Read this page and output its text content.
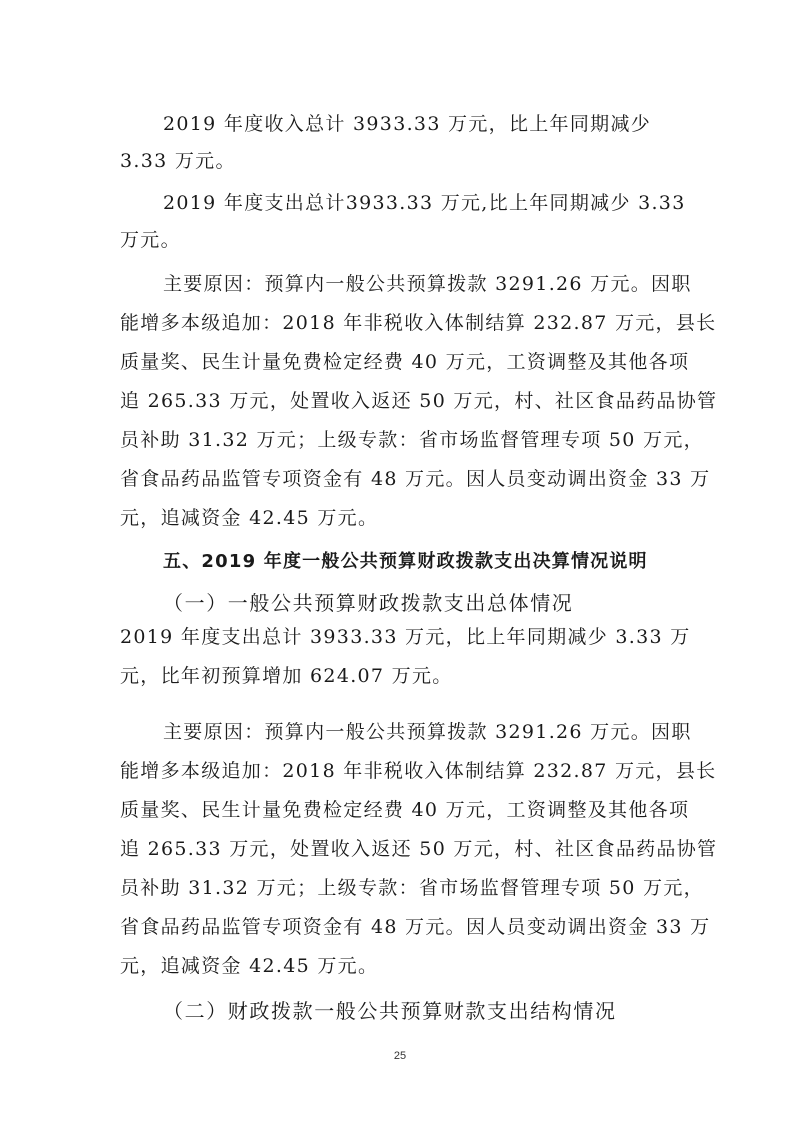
2019 年度收入总计 3933.33 万元，比上年同期减少
3.33 万元。
2019 年度支出总计3933.33 万元,比上年同期减少 3.33
万元。
主要原因：预算内一般公共预算拨款 3291.26 万元。因职
能增多本级追加：2018 年非税收入体制结算 232.87 万元，县长
质量奖、民生计量免费检定经费 40 万元，工资调整及其他各项
追 265.33 万元，处置收入返还 50 万元，村、社区食品药品协管
员补助 31.32 万元；上级专款：省市场监督管理专项 50 万元，
省食品药品监管专项资金有 48 万元。因人员变动调出资金 33 万
元，追减资金 42.45 万元。
五、2019 年度一般公共预算财政拨款支出决算情况说明
（一）一般公共预算财政拨款支出总体情况
2019 年度支出总计 3933.33 万元，比上年同期减少 3.33 万
元，比年初预算增加 624.07 万元。
主要原因：预算内一般公共预算拨款 3291.26 万元。因职
能增多本级追加：2018 年非税收入体制结算 232.87 万元，县长
质量奖、民生计量免费检定经费 40 万元，工资调整及其他各项
追 265.33 万元，处置收入返还 50 万元，村、社区食品药品协管
员补助 31.32 万元；上级专款：省市场监督管理专项 50 万元，
省食品药品监管专项资金有 48 万元。因人员变动调出资金 33 万
元，追减资金 42.45 万元。
（二）财政拨款一般公共预算财款支出结构情况
25
